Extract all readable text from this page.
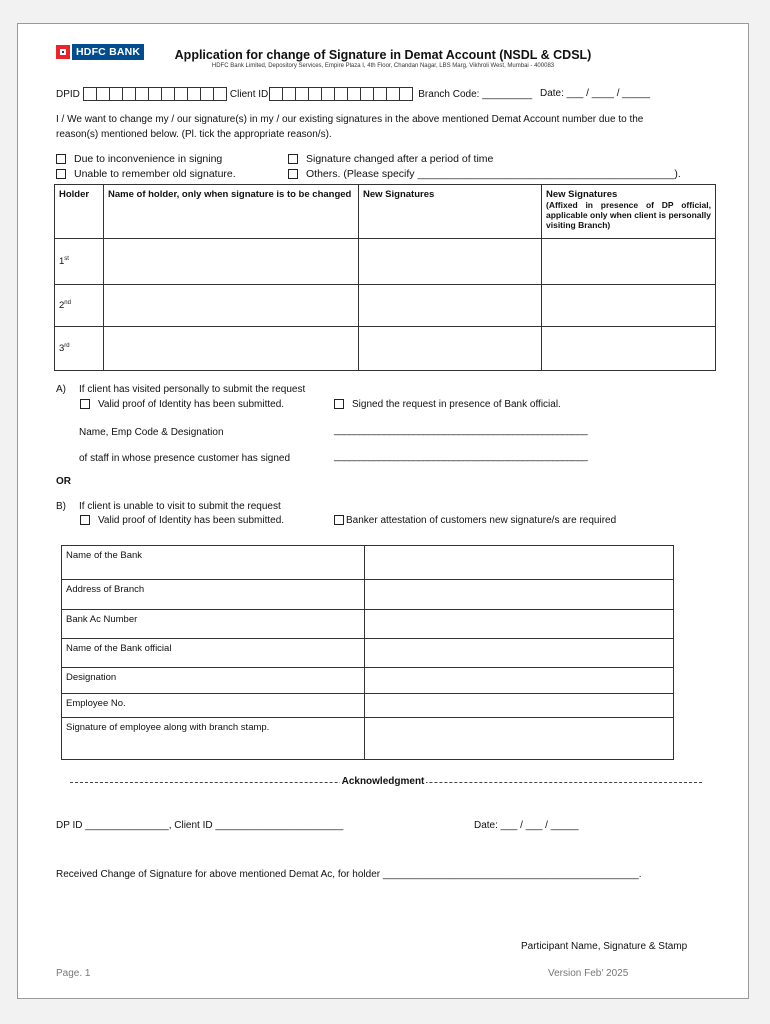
HDFC BANK	Application for change of Signature in Demat Account (NSDL & CDSL)
HDFC Bank Limited, Depository Services, Empire Plaza I, 4th Floor, Chandan Nagar, LBS Marg, Vikhroli West, Mumbai - 400083
DPID	Client ID	Branch Code: _________ Date: ___ / ____ / _____
I / We want to change my / our signature(s) in my / our existing signatures in the above mentioned Demat Account number due to the
reason(s) mentioned below. (Pl. tick the appropriate reason/s).
Due to inconvenience in signing	Signature changed after a period of time
Unable to remember old signature.	Others. (Please specify ____________________________________________).
Holder	Name of holder, only when signature is to be changed	New Signatures	New Signatures
(Affixed in presence of DP official, applicable only when client is personally visiting Branch)

1st			
2nd			
3rd			
A) If client has visited personally to submit the request
Valid proof of Identity has been submitted.	Signed the request in presence of Bank official.
Name, Emp Code & Designation	___________________________________________________
of staff in whose presence customer has signed	___________________________________________________
OR
B) If client is unable to visit to submit the request
Valid proof of Identity has been submitted.	Banker attestation of customers new signature/s are required
Name of the Bank	
Address of Branch	
Bank Ac Number	
Name of the Bank official	
Designation	
Employee No.	
Signature of employee along with branch stamp.	
Acknowledgment
DP ID _______________, Client ID _______________________	Date: ___ / ___ / _____
Received Change of Signature for above mentioned Demat Ac, for holder ______________________________________________.
Participant Name, Signature & Stamp
Page. 1	Version Feb' 2025
